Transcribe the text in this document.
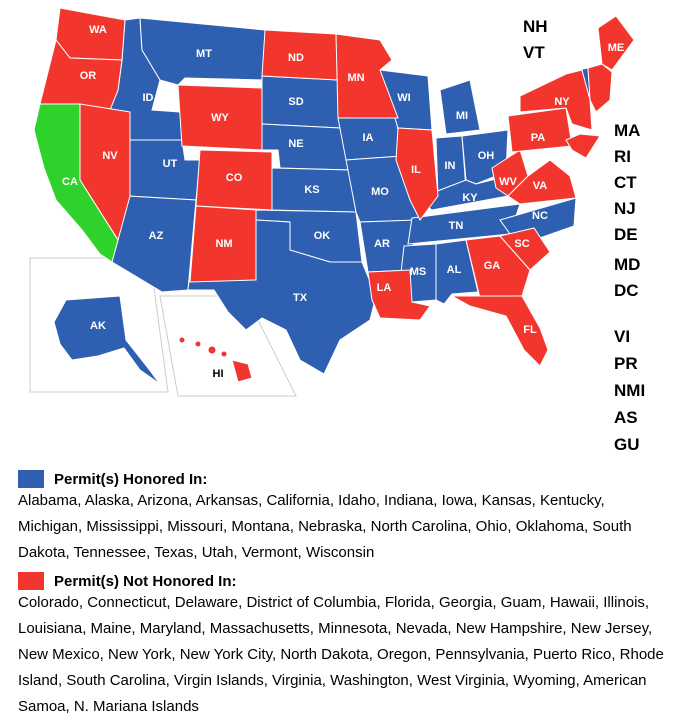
WA
OR
CA
NV
ID
MT
WY
UT
AZ
CO
NM
ND
SD
NE
KS
OK
TX
MN
IA
MO
AR
LA
WI
IL
MI
IN
OH
KY
TN
MS AL GA
FL
SC
NC
VA
WV
PA
NY
ME
AK
HI
NH
VT
MA
RI
CT
NJ
DE
MD
DC
VI
PR
NMI
AS
GU
Permit(s) Honored In:

Alabama, Alaska, Arizona, Arkansas, California, Idaho, Indiana, Iowa, Kansas, Kentucky, Michigan, Mississippi, Missouri, Montana, Nebraska, North Carolina, Ohio, Oklahoma, South Dakota, Tennessee, Texas, Utah, Vermont, Wisconsin

Permit(s) Not Honored In:

Colorado, Connecticut, Delaware, District of Columbia, Florida, Georgia, Guam, Hawaii, Illinois, Louisiana, Maine, Maryland, Massachusetts, Minnesota, Nevada, New Hampshire, New Jersey, New Mexico, New York, New York City, North Dakota, Oregon, Pennsylvania, Puerto Rico, Rhode Island, South Carolina, Virgin Islands, Virginia, Washington, West Virginia, Wyoming, American Samoa, N. Mariana Islands
